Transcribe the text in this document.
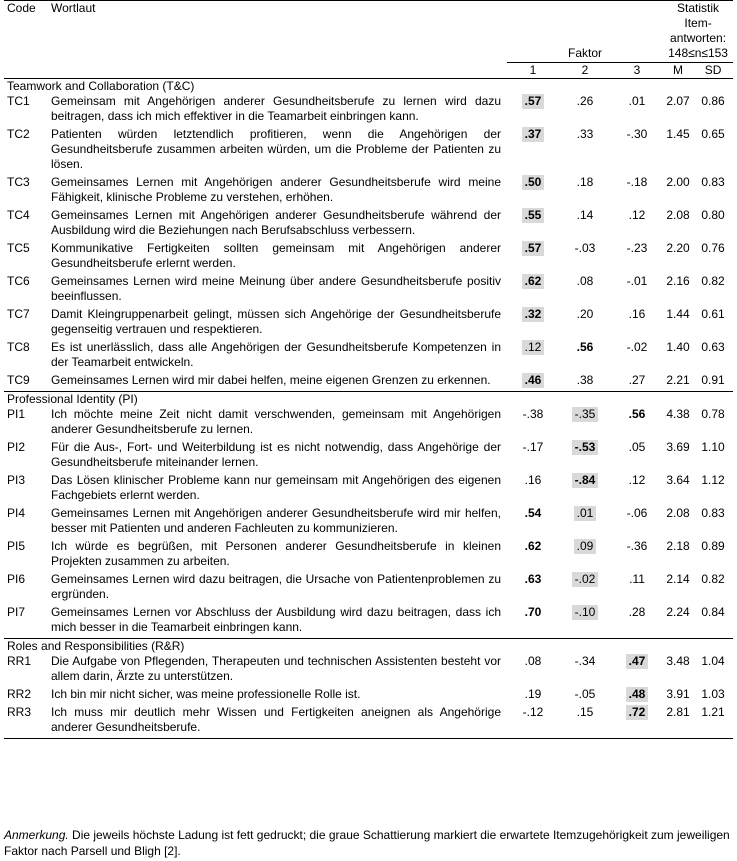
Code	Wortlaut	Faktor			Statistik
Item-
antworten:
148≤n≤153	

		1	2	3	M	SD
Teamwork and Collaboration (T&C)						
TC1	Gemeinsam mit Angehörigen anderer Gesundheitsberufe zu lernen wird dazu beitragen, dass ich mich effektiver in die Teamarbeit einbringen kann.	.57	.26	.01	2.07	0.86
TC2	Patienten würden letztendlich profitieren, wenn die Angehörigen der Gesundheitsberufe zusammen arbeiten würden, um die Probleme der Patienten zu lösen.	.37	.33	-.30	1.45	0.65
TC3	Gemeinsames Lernen mit Angehörigen anderer Gesundheitsberufe wird meine Fähigkeit, klinische Probleme zu verstehen, erhöhen.	.50	.18	-.18	2.00	0.83
TC4	Gemeinsames Lernen mit Angehörigen anderer Gesundheitsberufe während der Ausbildung wird die Beziehungen nach Berufsabschluss verbessern.	.55	.14	.12	2.08	0.80
TC5	Kommunikative Fertigkeiten sollten gemeinsam mit Angehörigen anderer Gesundheitsberufe erlernt werden.	.57	-.03	-.23	2.20	0.76
TC6	Gemeinsames Lernen wird meine Meinung über andere Gesundheitsberufe positiv beeinflussen.	.62	.08	-.01	2.16	0.82
TC7	Damit Kleingruppenarbeit gelingt, müssen sich Angehörige der Gesundheitsberufe gegenseitig vertrauen und respektieren.	.32	.20	.16	1.44	0.61
TC8	Es ist unerlässlich, dass alle Angehörigen der Gesundheitsberufe Kompetenzen in der Teamarbeit entwickeln.	.12	.56	-.02	1.40	0.63
TC9	Gemeinsames Lernen wird mir dabei helfen, meine eigenen Grenzen zu erkennen.	.46	.38	.27	2.21	0.91
Professional Identity (PI)						
PI1	Ich möchte meine Zeit nicht damit verschwenden, gemeinsam mit Angehörigen anderer Gesundheitsberufe zu lernen.	-.38	-.35	.56	4.38	0.78
PI2	Für die Aus-, Fort- und Weiterbildung ist es nicht notwendig, dass Angehörige der Gesundheitsberufe miteinander lernen.	-.17	-.53	.05	3.69	1.10
PI3	Das Lösen klinischer Probleme kann nur gemeinsam mit Angehörigen des eigenen Fachgebiets erlernt werden.	.16	-.84	.12	3.64	1.12
PI4	Gemeinsames Lernen mit Angehörigen anderer Gesundheitsberufe wird mir helfen, besser mit Patienten und anderen Fachleuten zu kommunizieren.	.54	.01	-.06	2.08	0.83
PI5	Ich würde es begrüßen, mit Personen anderer Gesundheitsberufe in kleinen Projekten zusammen zu arbeiten.	.62	.09	-.36	2.18	0.89
PI6	Gemeinsames Lernen wird dazu beitragen, die Ursache von Patientenproblemen zu ergründen.	.63	-.02	.11	2.14	0.82
PI7	Gemeinsames Lernen vor Abschluss der Ausbildung wird dazu beitragen, dass ich mich besser in die Teamarbeit einbringen kann.	.70	-.10	.28	2.24	0.84
Roles and Responsibilities (R&R)						
RR1	Die Aufgabe von Pflegenden, Therapeuten und technischen Assistenten besteht vor allem darin, Ärzte zu unterstützen.	.08	-.34	.47	3.48	1.04
RR2	Ich bin mir nicht sicher, was meine professionelle Rolle ist.	.19	-.05	.48	3.91	1.03
RR3	Ich muss mir deutlich mehr Wissen und Fertigkeiten aneignen als Angehörige anderer Gesundheitsberufe.	-.12	.15	.72	2.81	1.21
Anmerkung. Die jeweils höchste Ladung ist fett gedruckt; die graue Schattierung markiert die erwartete Itemzugehörigkeit zum jeweiligen Faktor nach Parsell und Bligh [2].
